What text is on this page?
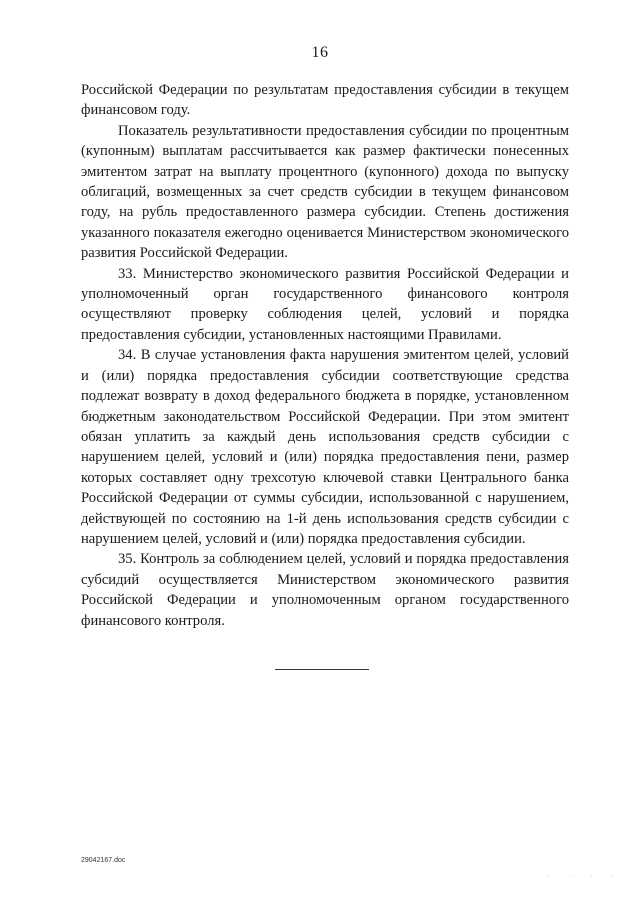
16

Российской Федерации по результатам предоставления субсидии в текущем финансовом году.

Показатель результативности предоставления субсидии по процентным (купонным) выплатам рассчитывается как размер фактически понесенных эмитентом затрат на выплату процентного (купонного) дохода по выпуску облигаций, возмещенных за счет средств субсидии в текущем финансовом году, на рубль предоставленного размера субсидии. Степень достижения указанного показателя ежегодно оценивается Министерством экономического развития Российской Федерации.

33. Министерство экономического развития Российской Федерации и уполномоченный орган государственного финансового контроля осуществляют проверку соблюдения целей, условий и порядка предоставления субсидии, установленных настоящими Правилами.

34. В случае установления факта нарушения эмитентом целей, условий и (или) порядка предоставления субсидии соответствующие средства подлежат возврату в доход федерального бюджета в порядке, установленном бюджетным законодательством Российской Федерации. При этом эмитент обязан уплатить за каждый день использования средств субсидии с нарушением целей, условий и (или) порядка предоставления пени, размер которых составляет одну трехсотую ключевой ставки Центрального банка Российской Федерации от суммы субсидии, использованной с нарушением, действующей по состоянию на 1-й день использования средств субсидии с нарушением целей, условий и (или) порядка предоставления субсидии.

35. Контроль за соблюдением целей, условий и порядка предоставления субсидий осуществляется Министерством экономического развития Российской Федерации и уполномоченным органом государственного финансового контроля.

29042167.doc
. . . .
